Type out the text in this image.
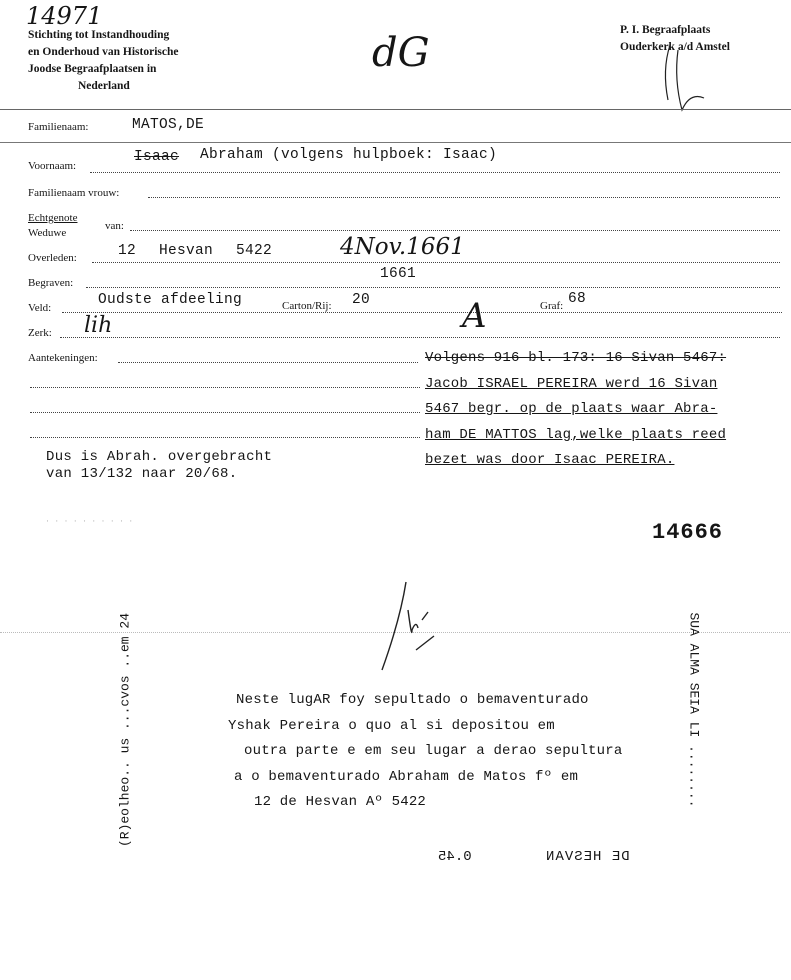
14971
Stichting tot Instandhouding
en Onderhoud van Historische
Joodse Begraafplaatsen in
Nederland
dG	P. I. Begraafplaats
Ouderkerk a/d Amstel
Familienaam:	MATOS,DE
Voornaam:
Isaac Abraham (volgens hulpboek: Isaac)
Familienaam vrouw:
Echtgenote
Weduwe
van:
Overleden:	12 Hesvan 5422	4Nov.1661
Begraven:
1661
Veld:	Oudste afdeeling	Carton/Rij: 20	Graf: 68
Zerk: lih	A
Aantekeningen:	Volgens 916 bl. 173: 16 Sivan 5467:
Jacob ISRAEL PEREIRA werd 16 Sivan
5467 begr. op de plaats waar Abra-
ham DE MATTOS lag,welke plaats reed
bezet was door Isaac PEREIRA.
Dus is Abrah. overgebracht
van 13/132 naar 20/68.
· · · · · · · · · ·	14666
(R)eolheo.. us ...cvos ..em 24	SUA ALMA SEIA LI ........
Neste lugAR foy sepultado o bemaventurado
Yshak Pereira o quo al si depositou em
outra parte e em seu lugar a derao sepultura
a o bemaventurado Abraham de Matos fº em
12 de Hesvan Aº 5422
0.45	DE HESVAN
